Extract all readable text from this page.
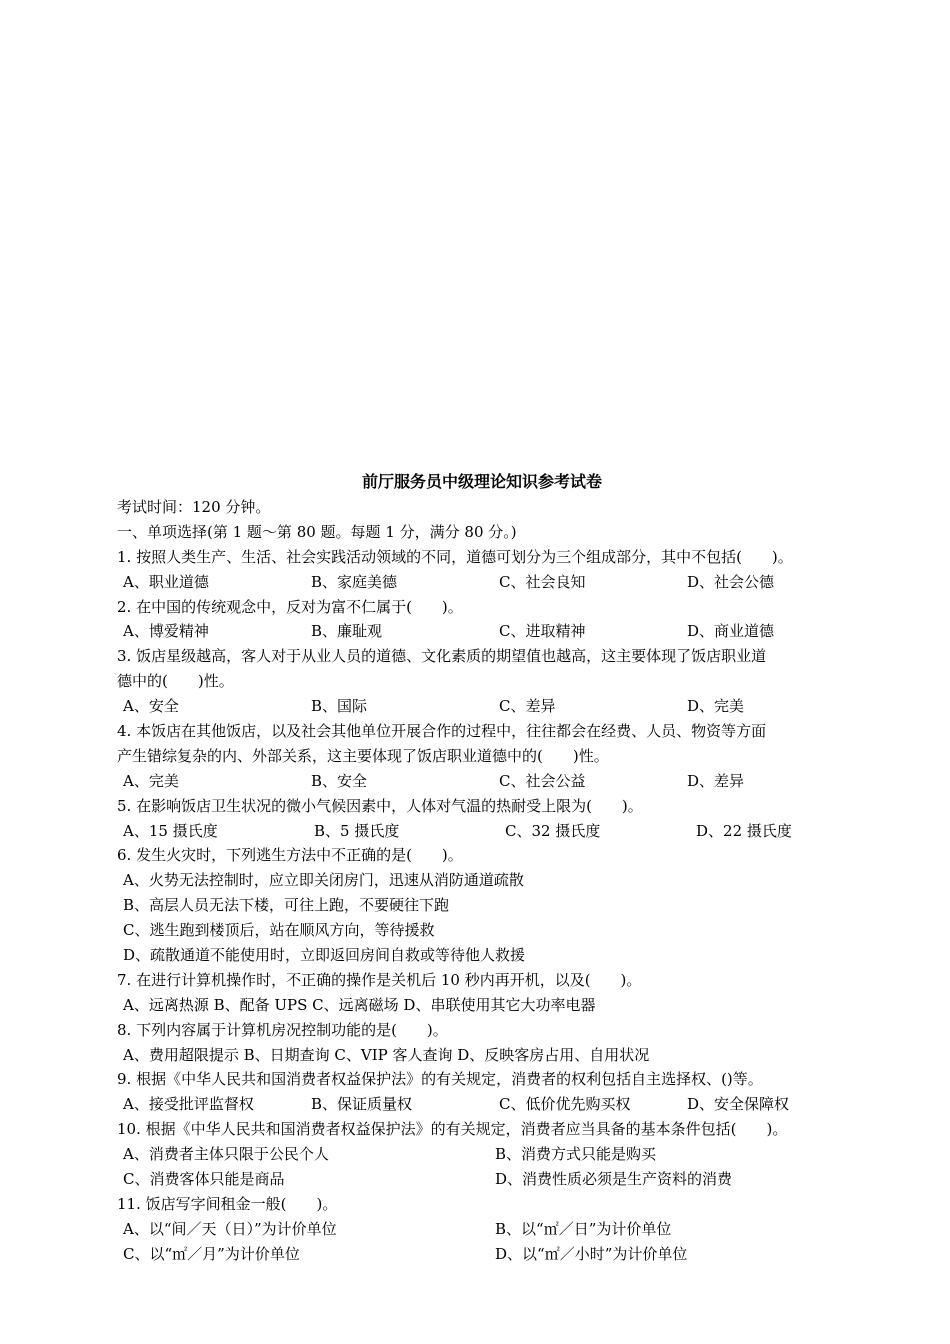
前厅服务员中级理论知识参考试卷
考试时间：120 分钟。
一、单项选择(第 1 题～第 80 题。每题 1 分，满分 80 分。)
1. 按照人类生产、生活、社会实践活动领域的不同，道德可划分为三个组成部分，其中不包括(　　)。
A、职业道德	B、家庭美德	C、社会良知	D、社会公德
2. 在中国的传统观念中，反对为富不仁属于(　　)。
A、博爱精神	B、廉耻观	C、进取精神	D、商业道德
3. 饭店星级越高，客人对于从业人员的道德、文化素质的期望值也越高，这主要体现了饭店职业道
德中的(　　)性。
A、安全	B、国际	C、差异	D、完美
4. 本饭店在其他饭店，以及社会其他单位开展合作的过程中，往往都会在经费、人员、物资等方面
产生错综复杂的内、外部关系，这主要体现了饭店职业道德中的(　　)性。
A、完美	B、安全	C、社会公益	D、差异
5. 在影响饭店卫生状况的微小气候因素中，人体对气温的热耐受上限为(　　)。
A、15 摄氏度	B、5 摄氏度	C、32 摄氏度	D、22 摄氏度
6. 发生火灾时，下列逃生方法中不正确的是(　　)。
A、火势无法控制时，应立即关闭房门，迅速从消防通道疏散
B、高层人员无法下楼，可往上跑，不要硬往下跑
C、逃生跑到楼顶后，站在顺风方向，等待援救
D、疏散通道不能使用时，立即返回房间自救或等待他人救援
7. 在进行计算机操作时，不正确的操作是关机后 10 秒内再开机，以及(　　)。
A、远离热源 B、配备 UPS C、远离磁场 D、串联使用其它大功率电器
8. 下列内容属于计算机房况控制功能的是(　　)。
A、费用超限提示 B、日期查询 C、VIP 客人查询 D、反映客房占用、自用状况
9. 根据《中华人民共和国消费者权益保护法》的有关规定，消费者的权利包括自主选择权、()等。
A、接受批评监督权	B、保证质量权	C、低价优先购买权	D、安全保障权
10. 根据《中华人民共和国消费者权益保护法》的有关规定，消费者应当具备的基本条件包括(　　)。
A、消费者主体只限于公民个人	B、消费方式只能是购买
C、消费客体只能是商品	D、消费性质必须是生产资料的消费
11. 饭店写字间租金一般(　　)。
A、以“间／天（日）”为计价单位	B、以“㎡／日”为计价单位
C、以“㎡／月”为计价单位	D、以“㎡／小时”为计价单位
